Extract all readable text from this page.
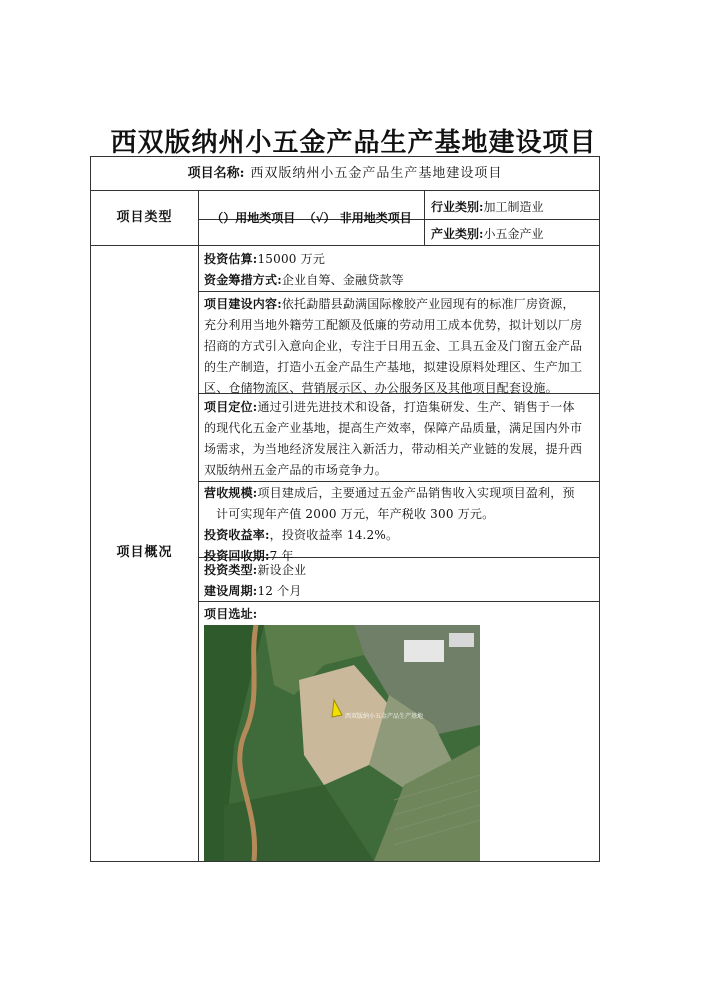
西双版纳州小五金产品生产基地建设项目
项目名称: 西双版纳州小五金产品生产基地建设项目
项目类型	（）用地类项目  （√） 非用地类项目
行业类别:加工制造业
产业类别:小五金产业
项目概况
投资估算:15000 万元
资金筹措方式:企业自筹、金融贷款等
项目建设内容:依托勐腊县勐满国际橡胶产业园现有的标准厂房资源，
充分利用当地外籍劳工配额及低廉的劳动用工成本优势，拟计划以厂房
招商的方式引入意向企业，专注于日用五金、工具五金及门窗五金产品
的生产制造，打造小五金产品生产基地，拟建设原料处理区、生产加工
区、仓储物流区、营销展示区、办公服务区及其他项目配套设施。
项目定位:通过引进先进技术和设备，打造集研发、生产、销售于一体
的现代化五金产业基地，提高生产效率，保障产品质量，满足国内外市
场需求，为当地经济发展注入新活力，带动相关产业链的发展，提升西
双版纳州五金产品的市场竞争力。
营收规模:项目建成后，主要通过五金产品销售收入实现项目盈利，预
计可实现年产值 2000 万元，年产税收 300 万元。
投资收益率:，投资收益率 14.2%。
投资回收期:7 年
投资类型:新设企业
建设周期:12 个月
项目选址:
西双版纳小五金产品生产基地
